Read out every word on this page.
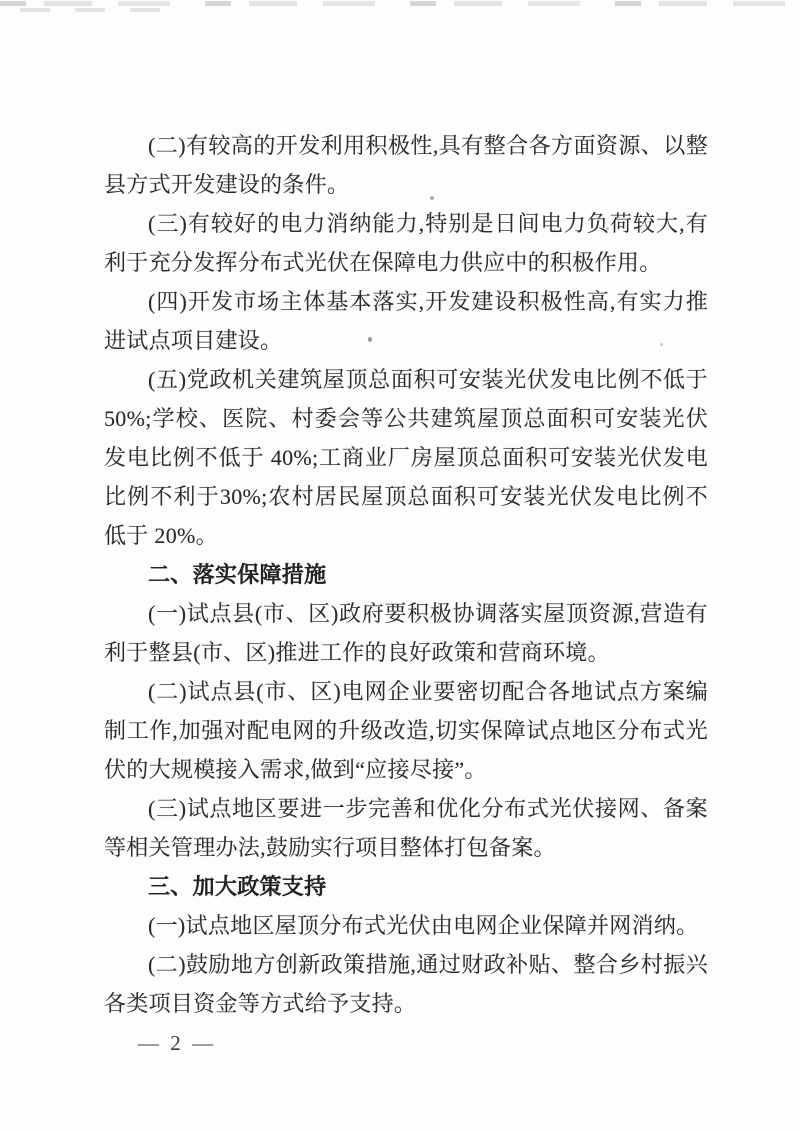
(二)有较高的开发利用积极性,具有整合各方面资源、以整县方式开发建设的条件。

(三)有较好的电力消纳能力,特别是日间电力负荷较大,有利于充分发挥分布式光伏在保障电力供应中的积极作用。

(四)开发市场主体基本落实,开发建设积极性高,有实力推进试点项目建设。

(五)党政机关建筑屋顶总面积可安装光伏发电比例不低于50%;学校、医院、村委会等公共建筑屋顶总面积可安装光伏发电比例不低于 40%;工商业厂房屋顶总面积可安装光伏发电比例不利于30%;农村居民屋顶总面积可安装光伏发电比例不低于 20%。

二、落实保障措施

(一)试点县(市、区)政府要积极协调落实屋顶资源,营造有利于整县(市、区)推进工作的良好政策和营商环境。

(二)试点县(市、区)电网企业要密切配合各地试点方案编制工作,加强对配电网的升级改造,切实保障试点地区分布式光伏的大规模接入需求,做到“应接尽接”。

(三)试点地区要进一步完善和优化分布式光伏接网、备案等相关管理办法,鼓励实行项目整体打包备案。

三、加大政策支持

(一)试点地区屋顶分布式光伏由电网企业保障并网消纳。

(二)鼓励地方创新政策措施,通过财政补贴、整合乡村振兴各类项目资金等方式给予支持。

— 2 —
